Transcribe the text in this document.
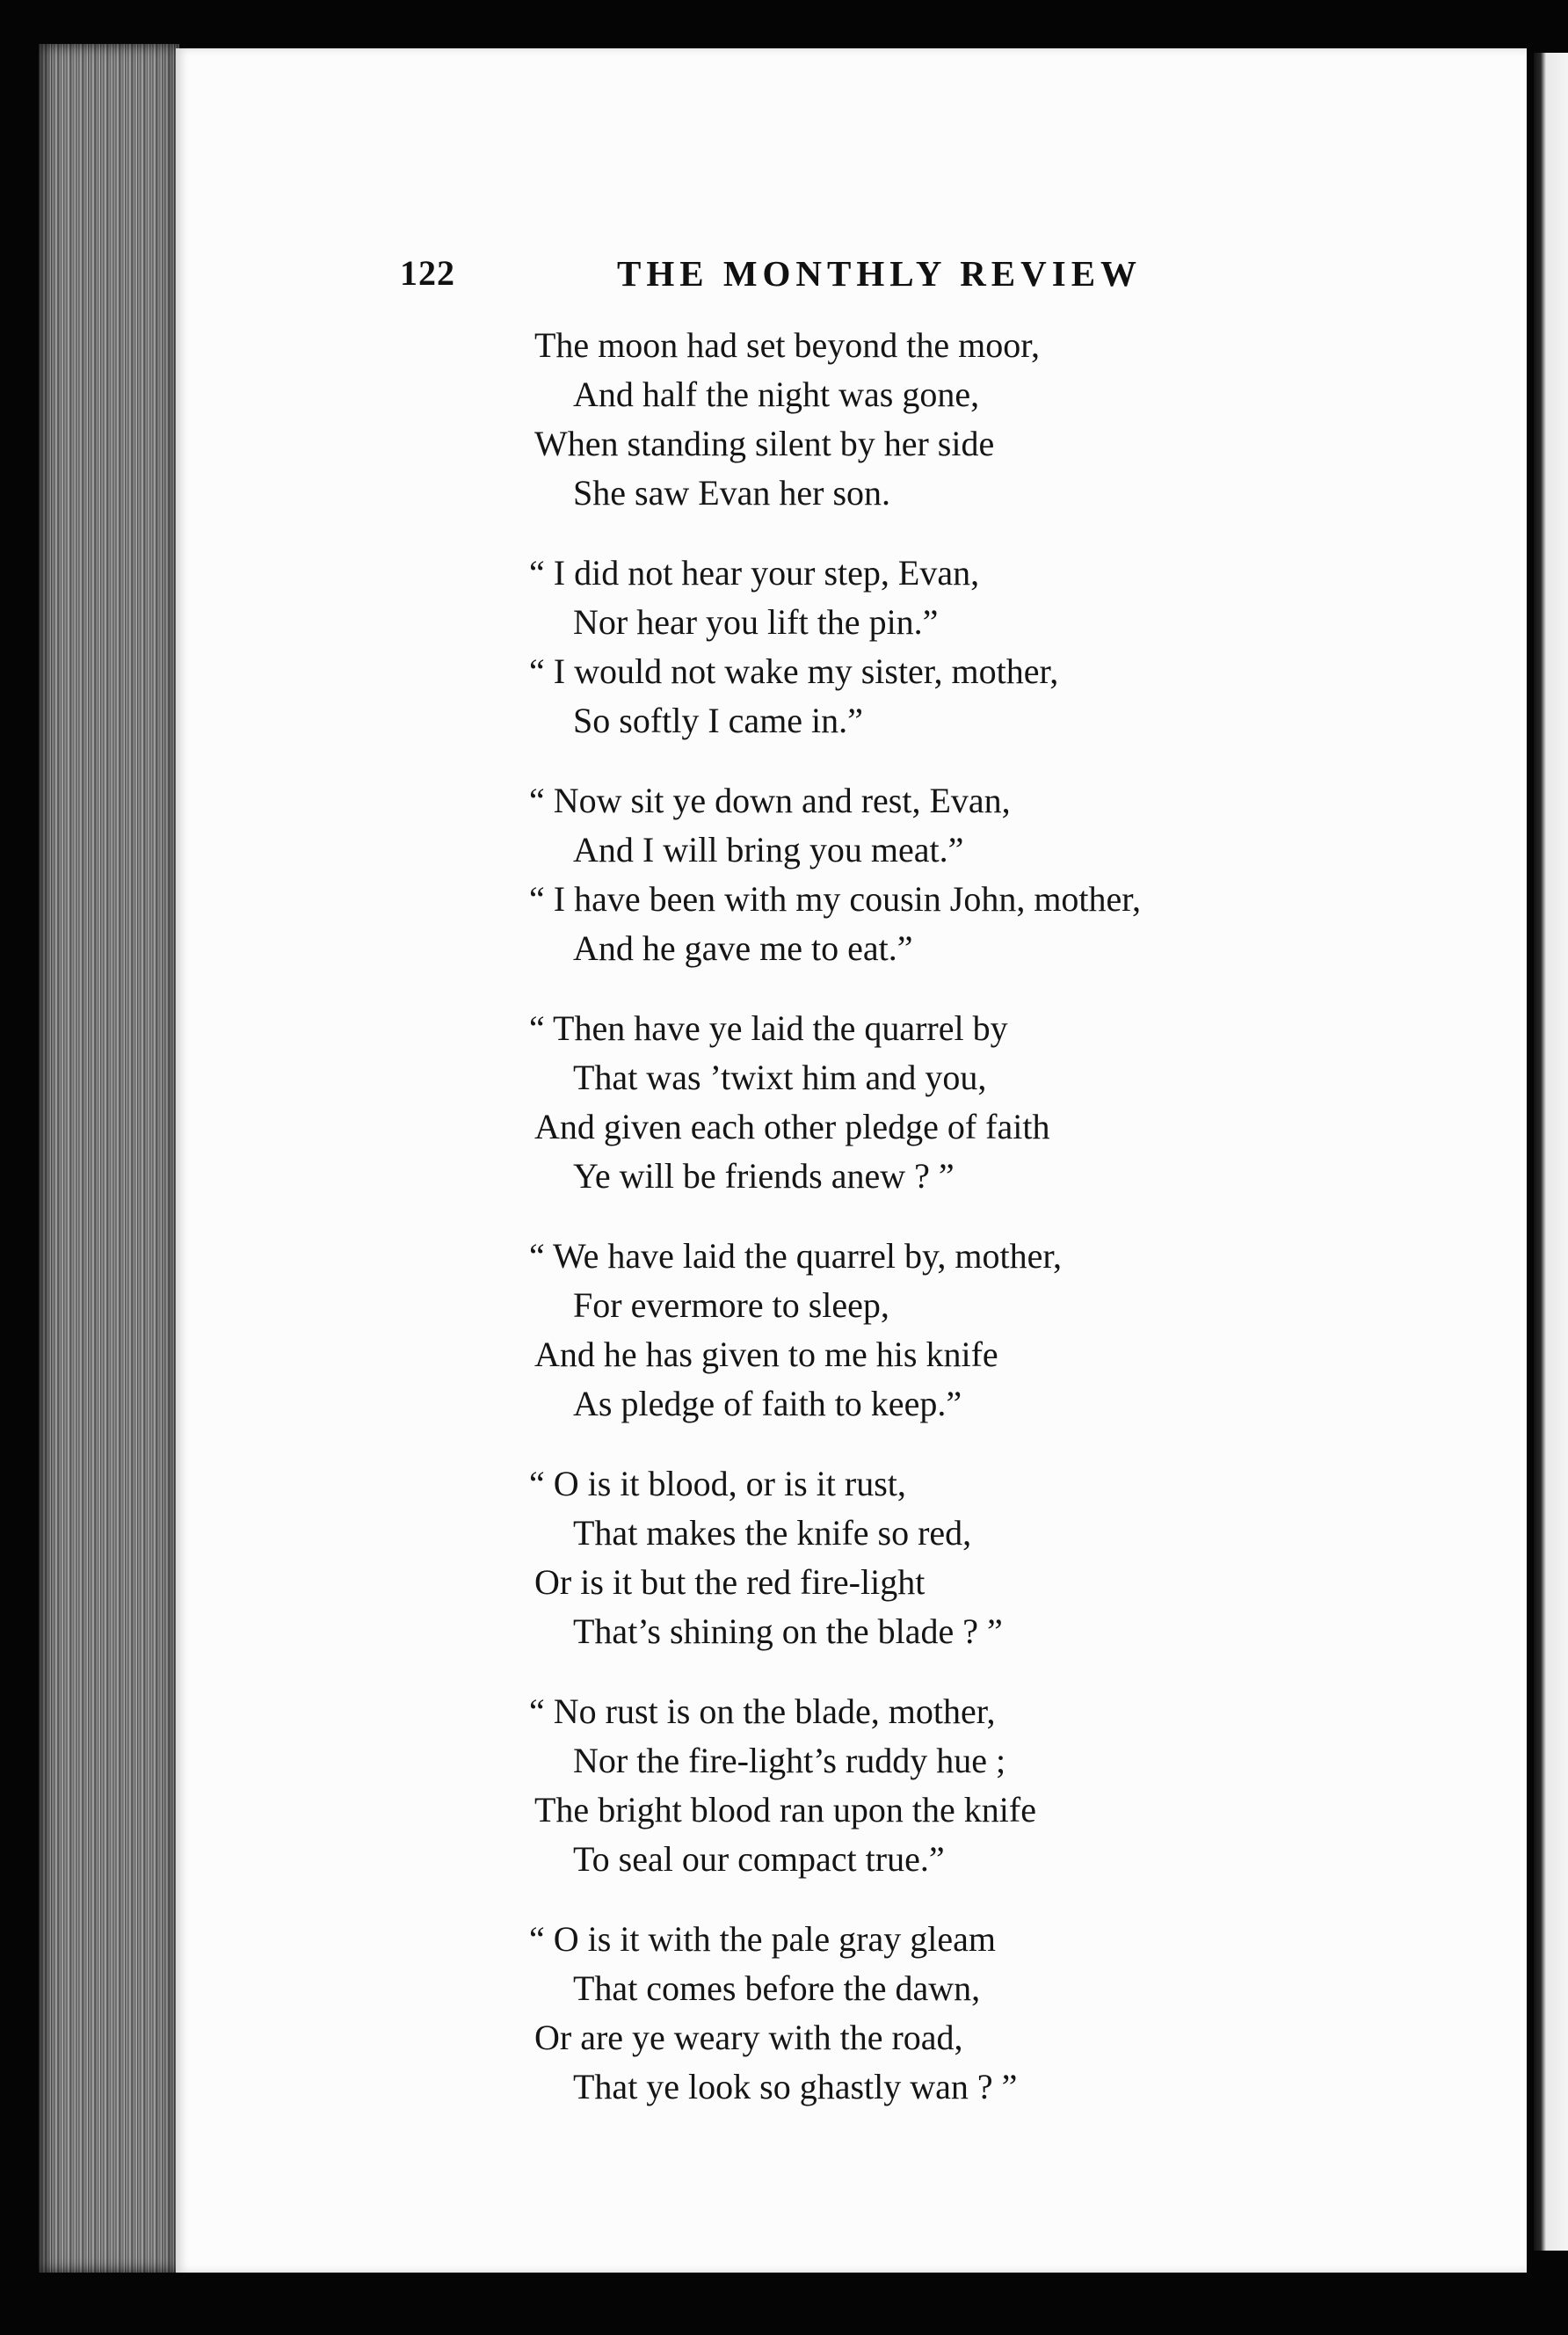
122	THE MONTHLY REVIEW
The moon had set beyond the moor,
And half the night was gone,
When standing silent by her side
She saw Evan her son.
“ I did not hear your step, Evan,
Nor hear you lift the pin.”
“ I would not wake my sister, mother,
So softly I came in.”
“ Now sit ye down and rest, Evan,
And I will bring you meat.”
“ I have been with my cousin John, mother,
And he gave me to eat.”
“ Then have ye laid the quarrel by
That was ’twixt him and you,
And given each other pledge of faith
Ye will be friends anew ? ”
“ We have laid the quarrel by, mother,
For evermore to sleep,
And he has given to me his knife
As pledge of faith to keep.”
“ O is it blood, or is it rust,
That makes the knife so red,
Or is it but the red fire-light
That’s shining on the blade ? ”
“ No rust is on the blade, mother,
Nor the fire-light’s ruddy hue ;
The bright blood ran upon the knife
To seal our compact true.”
“ O is it with the pale gray gleam
That comes before the dawn,
Or are ye weary with the road,
That ye look so ghastly wan ? ”
